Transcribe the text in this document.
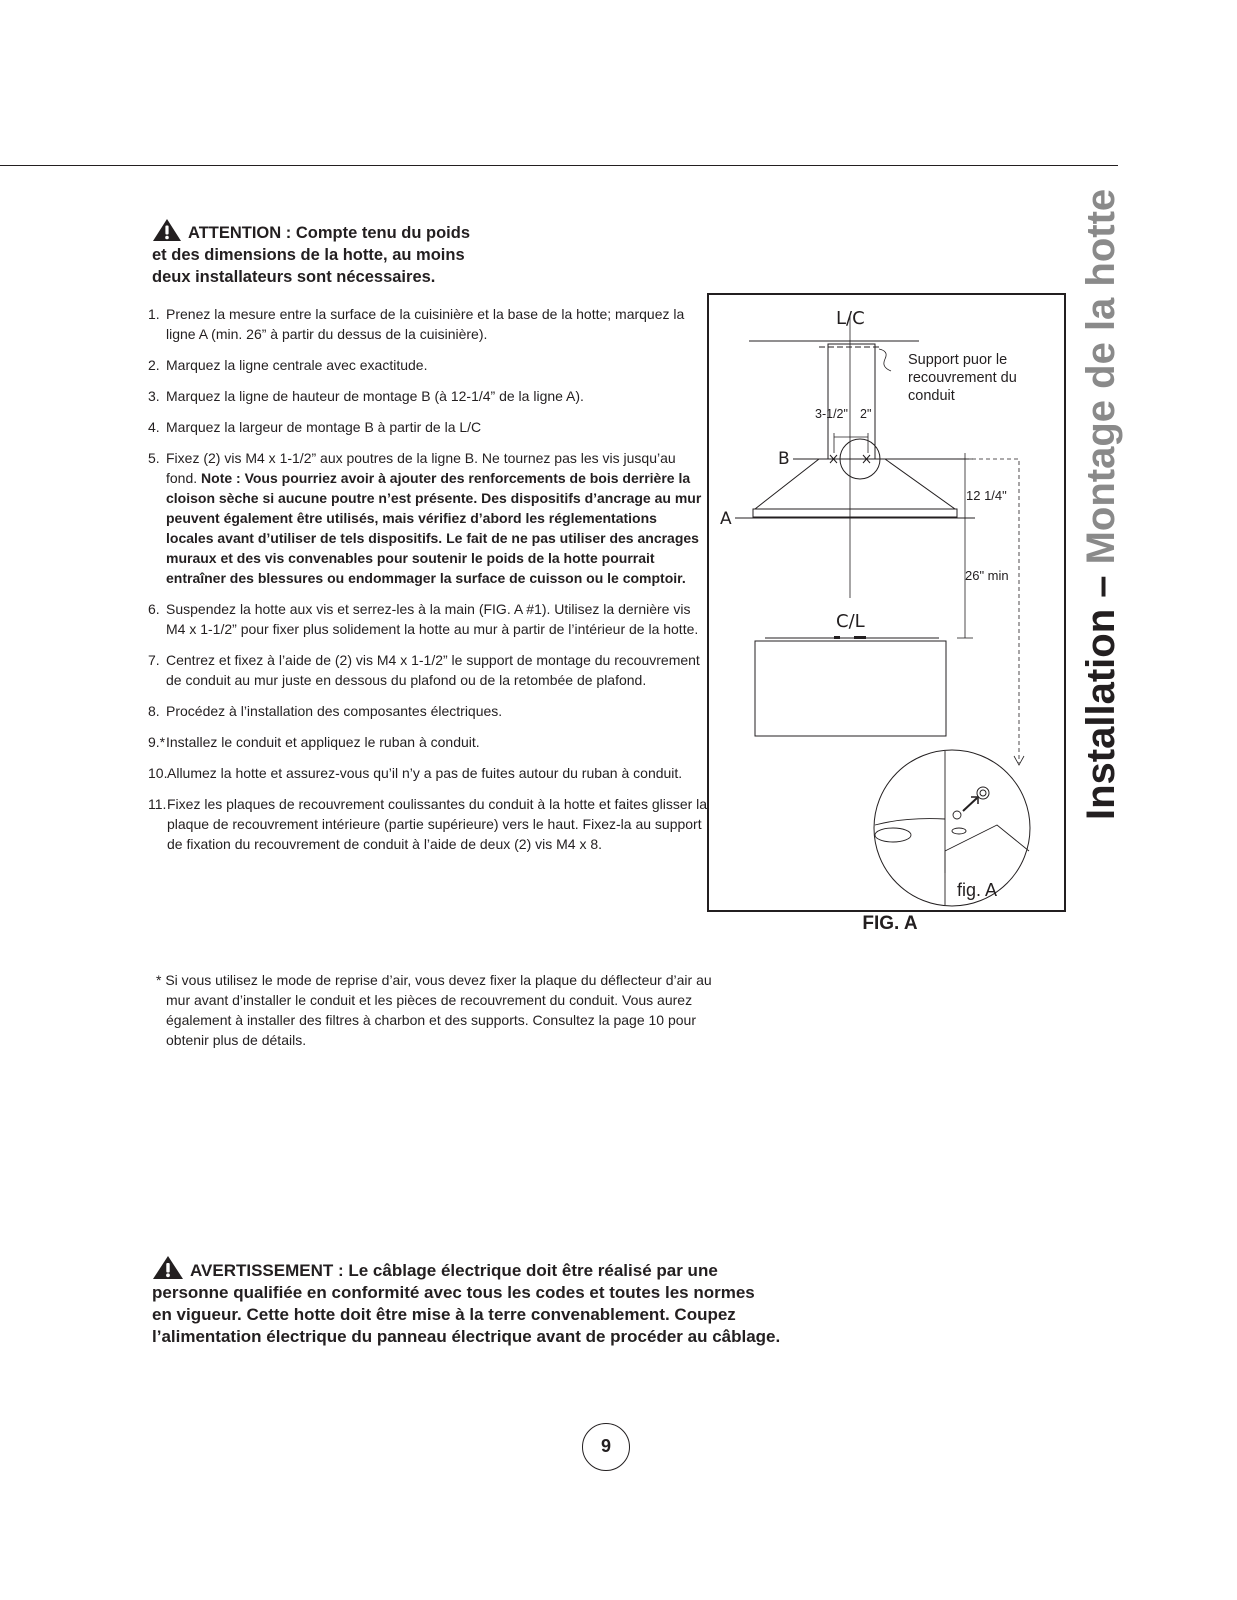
ATTENTION : Compte tenu du poids
et des dimensions de la hotte, au moins
deux installateurs sont nécessaires.
1. Prenez la mesure entre la surface de la cuisinière et la base de la hotte; marquez la ligne A (min. 26” à partir du dessus de la cuisinière).
2. Marquez la ligne centrale avec exactitude.
3. Marquez la ligne de hauteur de montage B (à 12-1/4” de la ligne A).
4. Marquez la largeur de montage B à partir de la L/C
5. Fixez (2) vis M4 x 1-1/2” aux poutres de la ligne B. Ne tournez pas les vis jusqu’au fond. Note : Vous pourriez avoir à ajouter des renforcements de bois derrière la cloison sèche si aucune poutre n’est présente. Des dispositifs d’ancrage au mur peuvent également être utilisés, mais vérifiez d’abord les réglementations locales avant d’utiliser de tels dispositifs. Le fait de ne pas utiliser des ancrages muraux et des vis convenables pour soutenir le poids de la hotte pourrait entraîner des blessures ou endommager la surface de cuisson ou le comptoir.
6. Suspendez la hotte aux vis et serrez-les à la main (FIG. A #1). Utilisez la dernière vis M4 x 1-1/2” pour fixer plus solidement la hotte au mur à partir de l’intérieur de la hotte.
7. Centrez et fixez à l’aide de (2) vis M4 x 1-1/2” le support de montage du recouvrement de conduit au mur juste en dessous du plafond ou de la retombée de plafond.
8. Procédez à l’installation des composantes électriques.
9.* Installez le conduit et appliquez le ruban à conduit.
10. Allumez la hotte et assurez-vous qu’il n’y a pas de fuites autour du ruban à conduit.
11. Fixez les plaques de recouvrement coulissantes du conduit à la hotte et faites glisser la plaque de recouvrement intérieure (partie supérieure) vers le haut. Fixez-la au support de fixation du recouvrement de conduit à l’aide de deux (2) vis M4 x 8.
* Si vous utilisez le mode de reprise d’air, vous devez fixer la plaque du déflecteur d’air au mur avant d’installer le conduit et les pièces de recouvrement du conduit. Vous aurez également à installer des filtres à charbon et des supports. Consultez la page 10 pour obtenir plus de détails.
L/C
Support puor le
recouvrement du
conduit
3-1/2" 2"
B
A
12 1/4"
26" min
C/L
fig. A
FIG. A
Installation – Montage de la hotte
AVERTISSEMENT : Le câblage électrique doit être réalisé par une
personne qualifiée en conformité avec tous les codes et toutes les normes
en vigueur. Cette hotte doit être mise à la terre convenablement. Coupez
l’alimentation électrique du panneau électrique avant de procéder au câblage.
9
